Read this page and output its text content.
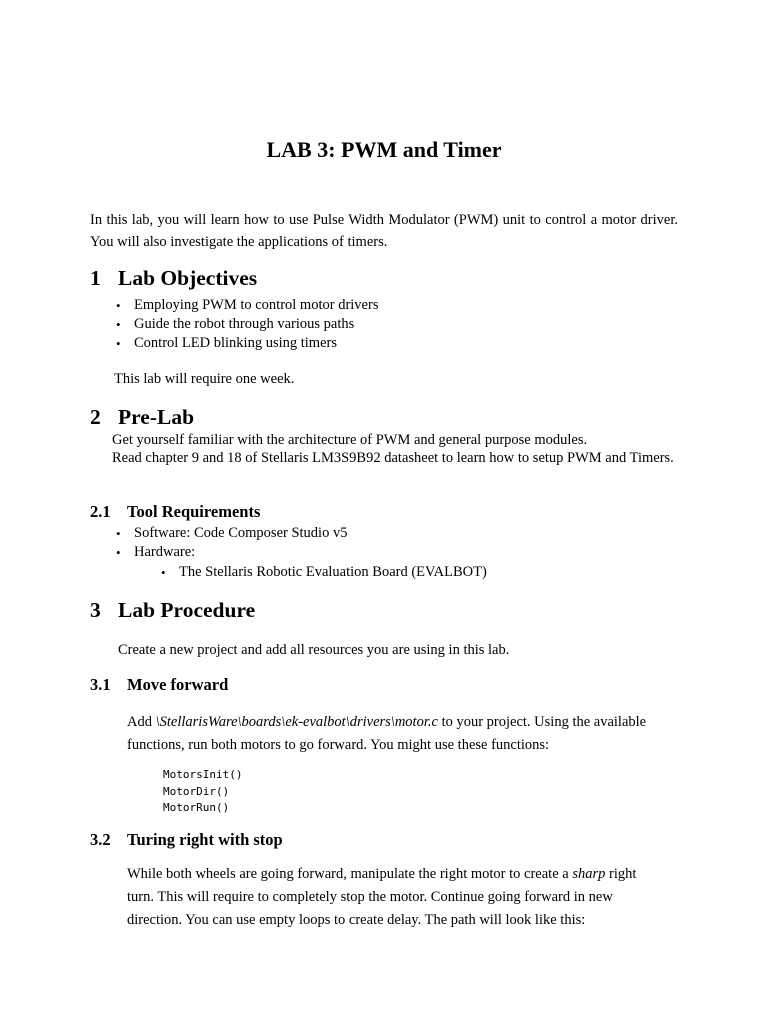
LAB 3: PWM and Timer
In this lab, you will learn how to use Pulse Width Modulator (PWM) unit to control a motor driver. You will also investigate the applications of timers.
1 Lab Objectives
• Employing PWM to control motor drivers
• Guide the robot through various paths
• Control LED blinking using timers
This lab will require one week.
2 Pre-Lab
Get yourself familiar with the architecture of PWM and general purpose modules.
Read chapter 9 and 18 of Stellaris LM3S9B92 datasheet to learn how to setup PWM and Timers.
2.1 Tool Requirements
• Software: Code Composer Studio v5
• Hardware:
• The Stellaris Robotic Evaluation Board (EVALBOT)
3 Lab Procedure
Create a new project and add all resources you are using in this lab.
3.1 Move forward
Add \StellarisWare\boards\ek-evalbot\drivers\motor.c to your project. Using the available functions, run both motors to go forward. You might use these functions:
MotorsInit()
MotorDir()
MotorRun()
3.2 Turing right with stop
While both wheels are going forward, manipulate the right motor to create a sharp right turn. This will require to completely stop the motor. Continue going forward in new direction. You can use empty loops to create delay. The path will look like this:
